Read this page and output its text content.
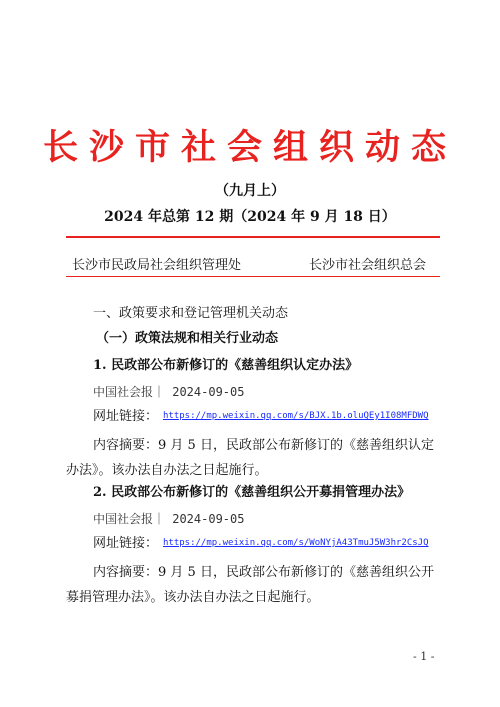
长沙市社会组织动态
（九月上）
2024 年总第 12 期（2024 年 9 月 18 日）
长沙市民政局社会组织管理处	长沙市社会组织总会
一、政策要求和登记管理机关动态
（一）政策法规和相关行业动态
1. 民政部公布新修订的《慈善组织认定办法》
中国社会报｜ 2024-09-05
网址链接： https://mp.weixin.qq.com/s/BJX.1b.oluQEy1I08MFDWQ
内容摘要：9 月 5 日，民政部公布新修订的《慈善组织认定办法》。该办法自办法之日起施行。
2. 民政部公布新修订的《慈善组织公开募捐管理办法》
中国社会报｜ 2024-09-05
网址链接： https://mp.weixin.qq.com/s/WoNYjA43TmuJ5W3hr2CsJQ
内容摘要：9 月 5 日，民政部公布新修订的《慈善组织公开募捐管理办法》。该办法自办法之日起施行。
- 1 -
